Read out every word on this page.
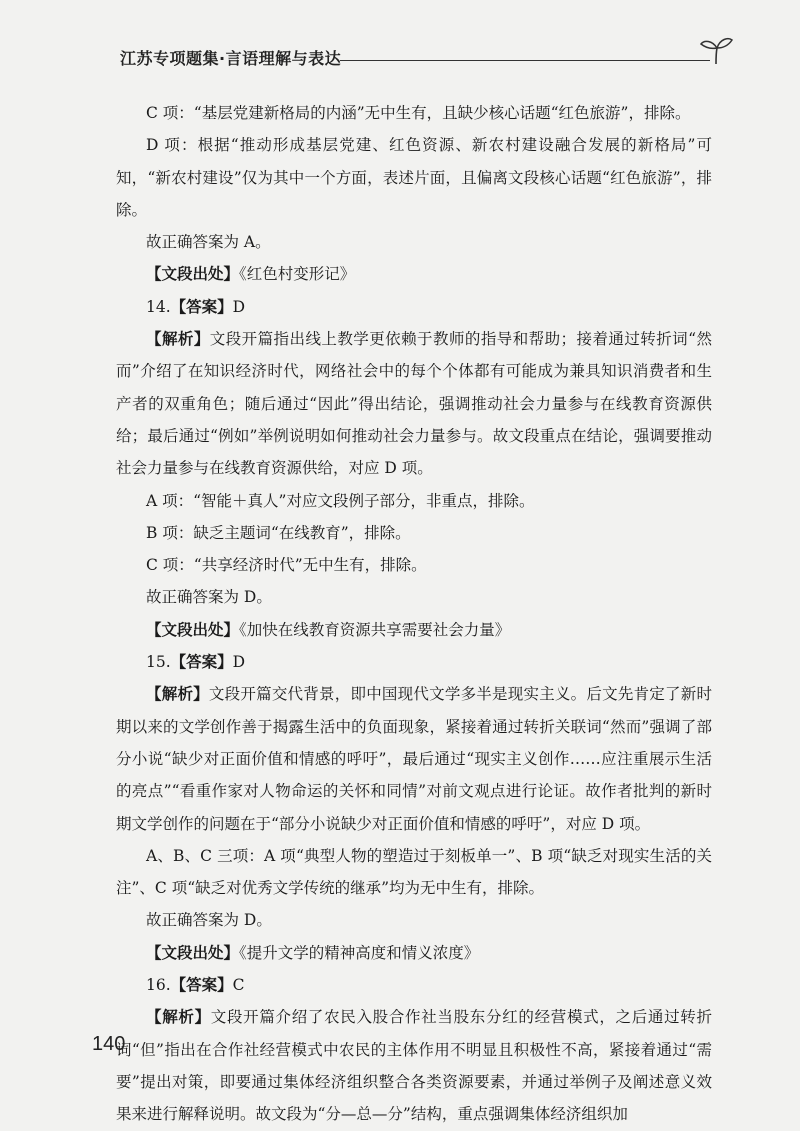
江苏专项题集·言语理解与表达

C 项：“基层党建新格局的内涵”无中生有，且缺少核心话题“红色旅游”，排除。

D 项：根据“推动形成基层党建、红色资源、新农村建设融合发展的新格局”可知，“新农村建设”仅为其中一个方面，表述片面，且偏离文段核心话题“红色旅游”，排除。

故正确答案为 A。

【文段出处】《红色村变形记》

14.【答案】D

【解析】文段开篇指出线上教学更依赖于教师的指导和帮助；接着通过转折词“然而”介绍了在知识经济时代，网络社会中的每个个体都有可能成为兼具知识消费者和生产者的双重角色；随后通过“因此”得出结论，强调推动社会力量参与在线教育资源供给；最后通过“例如”举例说明如何推动社会力量参与。故文段重点在结论，强调要推动社会力量参与在线教育资源供给，对应 D 项。

A 项：“智能＋真人”对应文段例子部分，非重点，排除。

B 项：缺乏主题词“在线教育”，排除。

C 项：“共享经济时代”无中生有，排除。

故正确答案为 D。

【文段出处】《加快在线教育资源共享需要社会力量》

15.【答案】D

【解析】文段开篇交代背景，即中国现代文学多半是现实主义。后文先肯定了新时期以来的文学创作善于揭露生活中的负面现象，紧接着通过转折关联词“然而”强调了部分小说“缺少对正面价值和情感的呼吁”，最后通过“现实主义创作……应注重展示生活的亮点”“看重作家对人物命运的关怀和同情”对前文观点进行论证。故作者批判的新时期文学创作的问题在于“部分小说缺少对正面价值和情感的呼吁”，对应 D 项。

A、B、C 三项：A 项“典型人物的塑造过于刻板单一”、B 项“缺乏对现实生活的关注”、C 项“缺乏对优秀文学传统的继承”均为无中生有，排除。

故正确答案为 D。

【文段出处】《提升文学的精神高度和情义浓度》

16.【答案】C

【解析】文段开篇介绍了农民入股合作社当股东分红的经营模式，之后通过转折词“但”指出在合作社经营模式中农民的主体作用不明显且积极性不高，紧接着通过“需要”提出对策，即要通过集体经济组织整合各类资源要素，并通过举例子及阐述意义效果来进行解释说明。故文段为“分—总—分”结构，重点强调集体经济组织加

140
